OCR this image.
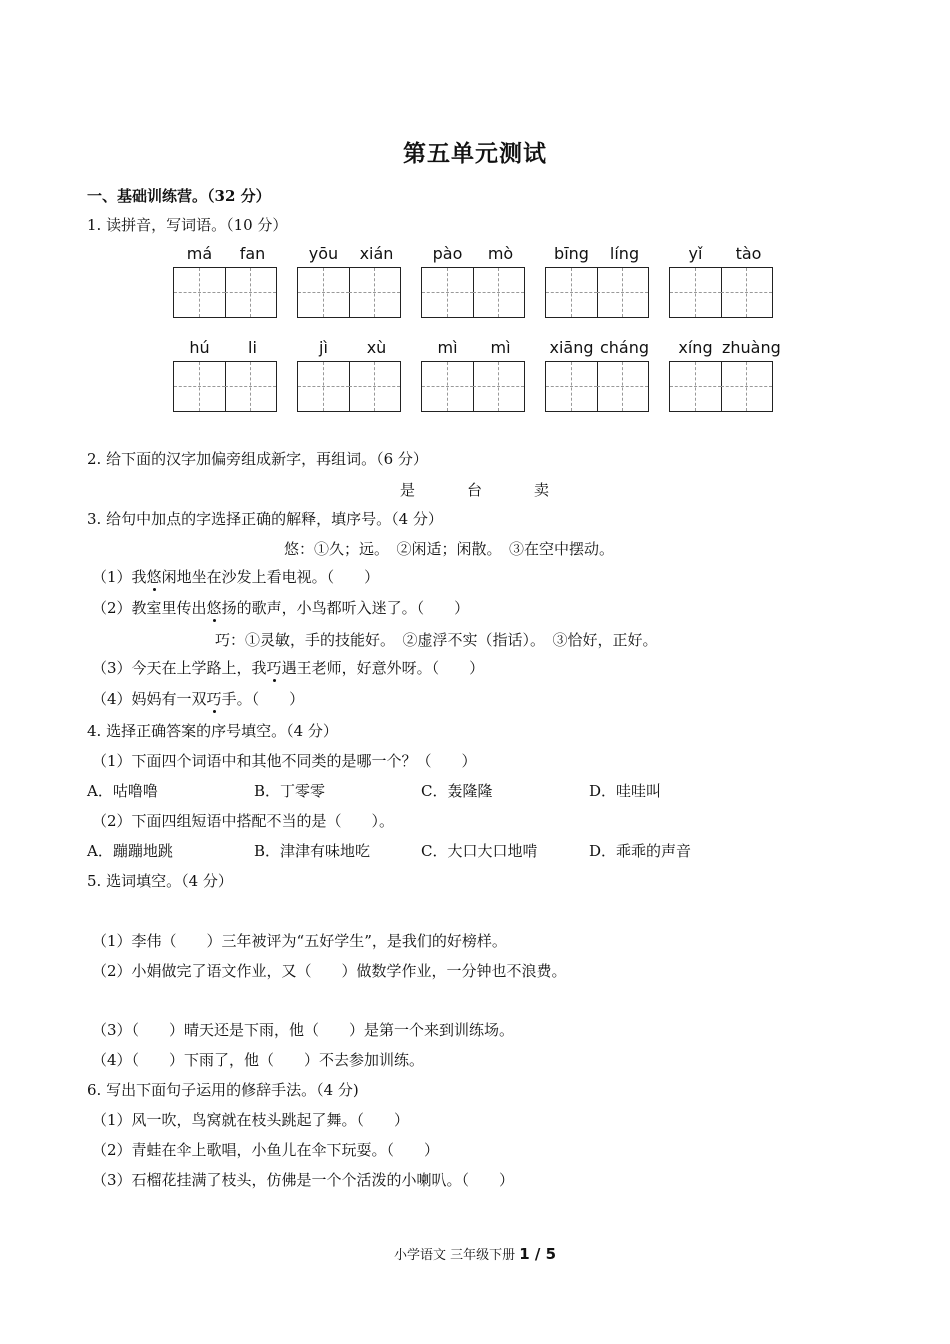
第五单元测试
一、基础训练营。（32 分）
1. 读拼音，写词语。（10 分）
má	fan	yōu	xián	pào	mò	bīng	líng	yǐ	tào
hú	li	jì	xù	mì	mì	xiāng cháng	xíng zhuàng
2. 给下面的汉字加偏旁组成新字，再组词。（6 分）
是	台	卖
3. 给句中加点的字选择正确的解释，填序号。（4 分）
悠：①久；远。　②闲适；闲散。　③在空中摆动。
（1）我悠闲地坐在沙发上看电视。（　　）
（2）教室里传出悠扬的歌声，小鸟都听入迷了。（　　）
巧：①灵敏，手的技能好。　②虚浮不实（指话）。　③恰好，正好。
（3）今天在上学路上，我巧遇王老师，好意外呀。（　　）
（4）妈妈有一双巧手。（　　）
4. 选择正确答案的序号填空。（4 分）
（1）下面四个词语中和其他不同类的是哪一个？（　　）
A．咕噜噜	B．丁零零	C．轰隆隆	D．哇哇叫
（2）下面四组短语中搭配不当的是（　　）。
A．蹦蹦地跳	B．津津有味地吃	C．大口大口地啃	D．乖乖的声音
5. 选词填空。（4 分）
（1）李伟（　　）三年被评为“五好学生”，是我们的好榜样。
（2）小娟做完了语文作业，又（　　）做数学作业，一分钟也不浪费。
（3）（　　）晴天还是下雨，他（　　）是第一个来到训练场。
（4）（　　）下雨了，他（　　）不去参加训练。
6. 写出下面句子运用的修辞手法。（4 分)
（1）风一吹，鸟窝就在枝头跳起了舞。（　　）
（2）青蛙在伞上歌唱，小鱼儿在伞下玩耍。（　　）
（3）石榴花挂满了枝头，仿佛是一个个活泼的小喇叭。（　　）
小学语文 三年级下册 1 / 5
